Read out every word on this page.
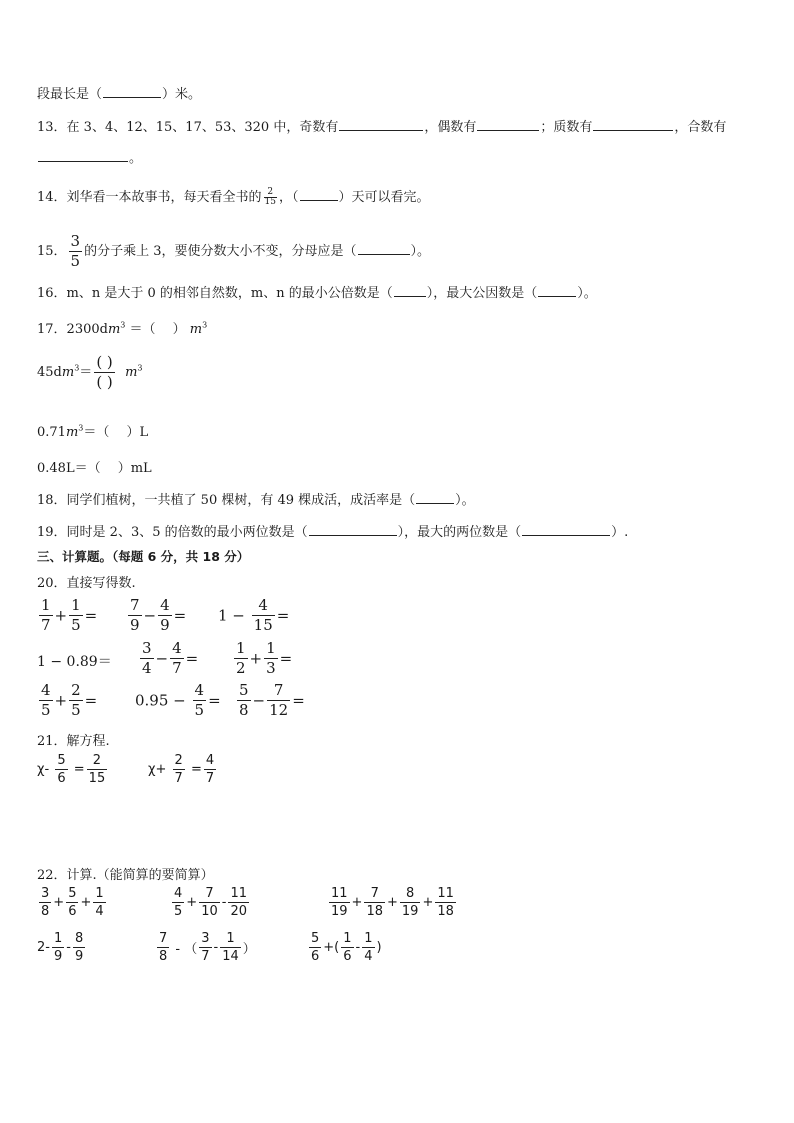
段最长是（	）米。
13．在 3、4、12、15、17、53、320 中，奇数有	，偶数有	；质数有	，合数有
。
14．刘华看一本故事书，每天看全书的 $\frac{2}{15}$ ，（	）天可以看完。
15． $\frac{3}{5}$ 的分子乘上 3，要使分数大小不变，分母应是（	）。
16．m、n 是大于 0 的相邻自然数，m、n 的最小公倍数是（	），最大公因数是（	）。
17．$2300dm^3$ ＝（　 ） $m^3$
$45dm^3= \frac{( )}{( )} m^3$
$0.71m^3=$（　 ）L
0.48L＝（　 ）mL
18．同学们植树，一共植了 50 棵树，有 49 棵成活，成活率是（	）。
19．同时是 2、3、5 的倍数的最小两位数是（	），最大的两位数是（	）.
三、计算题。（每题 6 分，共 18 分）
20．直接写得数.
$\frac{1}{7} + \frac{1}{5} = \frac{7}{9} - \frac{4}{9} = 1 - \frac{4}{15}$ =
$1 - 0.89= \frac{3}{4} - \frac{4}{7} = \frac{1}{2} + \frac{1}{3}$ =
$\frac{4}{5} + \frac{2}{5}$ =	$0.95 - \frac{4}{5} = \frac{5}{8} - \frac{7}{12}$ =
21．解方程.
$\chi- \frac{5}{6} = \frac{2}{15}$	$\chi+ \frac{2}{7} = \frac{4}{7}$
22．计算.（能简算的要简算）
$\frac{3}{8} + \frac{5}{6} + \frac{1}{4}$	$\frac{4}{5} + \frac{7}{10} - \frac{11}{20}$	$\frac{11}{19} + \frac{7}{18} + \frac{8}{19} + \frac{11}{18}$
$2- \frac{1}{9} - \frac{8}{9}$	$\frac{7}{8}$ - （ $\frac{3}{7} - \frac{1}{14}$ ）	$\frac{5}{6}$ +( $\frac{1}{6} - \frac{1}{4}$ )
